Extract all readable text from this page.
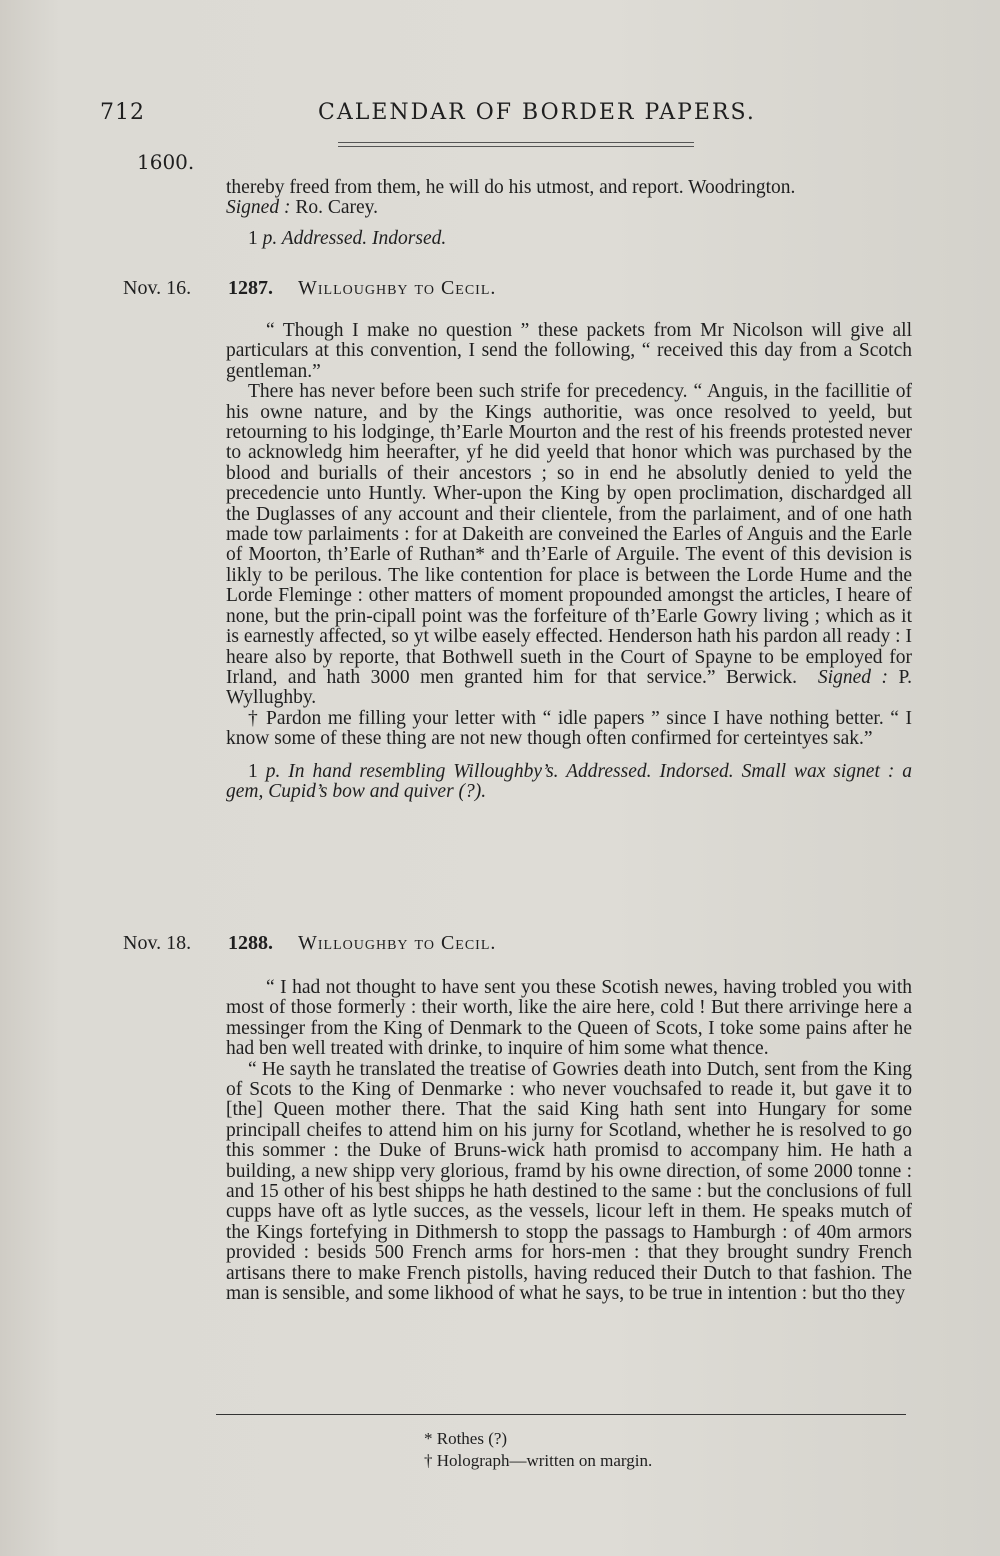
712	CALENDAR OF BORDER PAPERS.
1600.

thereby freed from them, he will do his utmost, and report. Woodrington.

Signed : Ro. Carey.

1 p. Addressed. Indorsed.

Nov. 16. 1287. Willoughby to Cecil.

“ Though I make no question ” these packets from Mr Nicolson will give all particulars at this convention, I send the following, “ received this day from a Scotch gentleman.”

There has never before been such strife for precedency. “ Anguis, in the facillitie of his owne nature, and by the Kings authoritie, was once resolved to yeeld, but retourning to his lodginge, th’Earle Mourton and the rest of his freends protested never to acknowledg him heerafter, yf he did yeeld that honor which was purchased by the blood and burialls of their ancestors ; so in end he absolutly denied to yeld the precedencie unto Huntly. Wher-upon the King by open proclimation, dischardged all the Duglasses of any account and their clientele, from the parlaiment, and of one hath made tow parlaiments : for at Dakeith are conveined the Earles of Anguis and the Earle of Moorton, th’Earle of Ruthan* and th’Earle of Arguile. The event of this devision is likly to be perilous. The like contention for place is between the Lorde Hume and the Lorde Fleminge : other matters of moment propounded amongst the articles, I heare of none, but the prin-cipall point was the forfeiture of th’Earle Gowry living ; which as it is earnestly affected, so yt wilbe easely effected. Henderson hath his pardon all ready : I heare also by reporte, that Bothwell sueth in the Court of Spayne to be employed for Irland, and hath 3000 men granted him for that service.” Berwick. Signed : P. Wyllughby.

† Pardon me filling your letter with “ idle papers ” since I have nothing better. “ I know some of these thing are not new though often confirmed for certeintyes sak.”

1 p. In hand resembling Willoughby’s. Addressed. Indorsed. Small wax signet : a gem, Cupid’s bow and quiver (?).

Nov. 18. 1288. Willoughby to Cecil.

“ I had not thought to have sent you these Scotish newes, having trobled you with most of those formerly : their worth, like the aire here, cold ! But there arrivinge here a messinger from the King of Denmark to the Queen of Scots, I toke some pains after he had ben well treated with drinke, to inquire of him some what thence.

“ He sayth he translated the treatise of Gowries death into Dutch, sent from the King of Scots to the King of Denmarke : who never vouchsafed to reade it, but gave it to [the] Queen mother there. That the said King hath sent into Hungary for some principall cheifes to attend him on his jurny for Scotland, whether he is resolved to go this sommer : the Duke of Bruns-wick hath promisd to accompany him. He hath a building, a new shipp very glorious, framd by his owne direction, of some 2000 tonne : and 15 other of his best shipps he hath destined to the same : but the conclusions of full cupps have oft as lytle succes, as the vessels, licour left in them. He speaks mutch of the Kings fortefying in Dithmersh to stopp the passags to Hamburgh : of 40m armors provided : besids 500 French arms for hors-men : that they brought sundry French artisans there to make French pistolls, having reduced their Dutch to that fashion. The man is sensible, and some likhood of what he says, to be true in intention : but tho they

* Rothes (?)
† Holograph—written on margin.
